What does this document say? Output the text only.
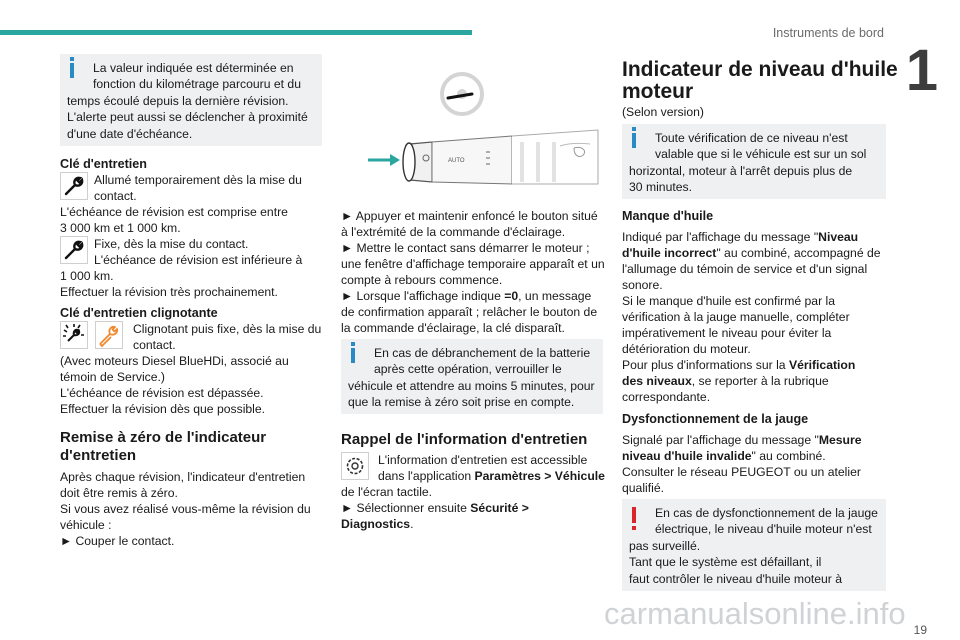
Instruments de bord
1
La valeur indiquée est déterminée en
fonction du kilométrage parcouru et du
temps écoulé depuis la dernière révision.
L'alerte peut aussi se déclencher à proximité
d'une date d'échéance.
Clé d'entretien
Allumé temporairement dès la mise du
contact.
L'échéance de révision est comprise entre
3 000 km et 1 000 km.
Fixe, dès la mise du contact.
L'échéance de révision est inférieure à
1 000 km.
Effectuer la révision très prochainement.
Clé d'entretien clignotante
Clignotant puis fixe, dès la mise du
contact.
(Avec moteurs Diesel BlueHDi, associé au
témoin de Service.)
L'échéance de révision est dépassée.
Effectuer la révision dès que possible.
Remise à zéro de l'indicateur
d'entretien
Après chaque révision, l'indicateur d'entretien
doit être remis à zéro.
Si vous avez réalisé vous-même la révision du
véhicule :
► Couper le contact.
AUTO
► Appuyer et maintenir enfoncé le bouton situé
à l'extrémité de la commande d'éclairage.
► Mettre le contact sans démarrer le moteur ;
une fenêtre d'affichage temporaire apparaît et un
compte à rebours commence.
► Lorsque l'affichage indique =0, un message
de confirmation apparaît ; relâcher le bouton de
la commande d'éclairage, la clé disparaît.
En cas de débranchement de la batterie
après cette opération, verrouiller le
véhicule et attendre au moins 5 minutes, pour
que la remise à zéro soit prise en compte.
Rappel de l'information d'entretien
L'information d'entretien est accessible
dans l'application Paramètres > Véhicule
de l'écran tactile.
► Sélectionner ensuite Sécurité >
Diagnostics.
Indicateur de niveau d'huile
moteur
(Selon version)
Toute vérification de ce niveau n'est
valable que si le véhicule est sur un sol
horizontal, moteur à l'arrêt depuis plus de
30 minutes.
Manque d'huile
Indiqué par l'affichage du message "Niveau
d'huile incorrect" au combiné, accompagné de
l'allumage du témoin de service et d'un signal
sonore.
Si le manque d'huile est confirmé par la
vérification à la jauge manuelle, compléter
impérativement le niveau pour éviter la
détérioration du moteur.
Pour plus d'informations sur la Vérification
des niveaux, se reporter à la rubrique
correspondante.
Dysfonctionnement de la jauge
Signalé par l'affichage du message "Mesure
niveau d'huile invalide" au combiné.
Consulter le réseau PEUGEOT ou un atelier
qualifié.
En cas de dysfonctionnement de la jauge
électrique, le niveau d'huile moteur n'est
pas surveillé.
Tant que le système est défaillant, il
faut contrôler le niveau d'huile moteur à
carmanualsonline.info 19
